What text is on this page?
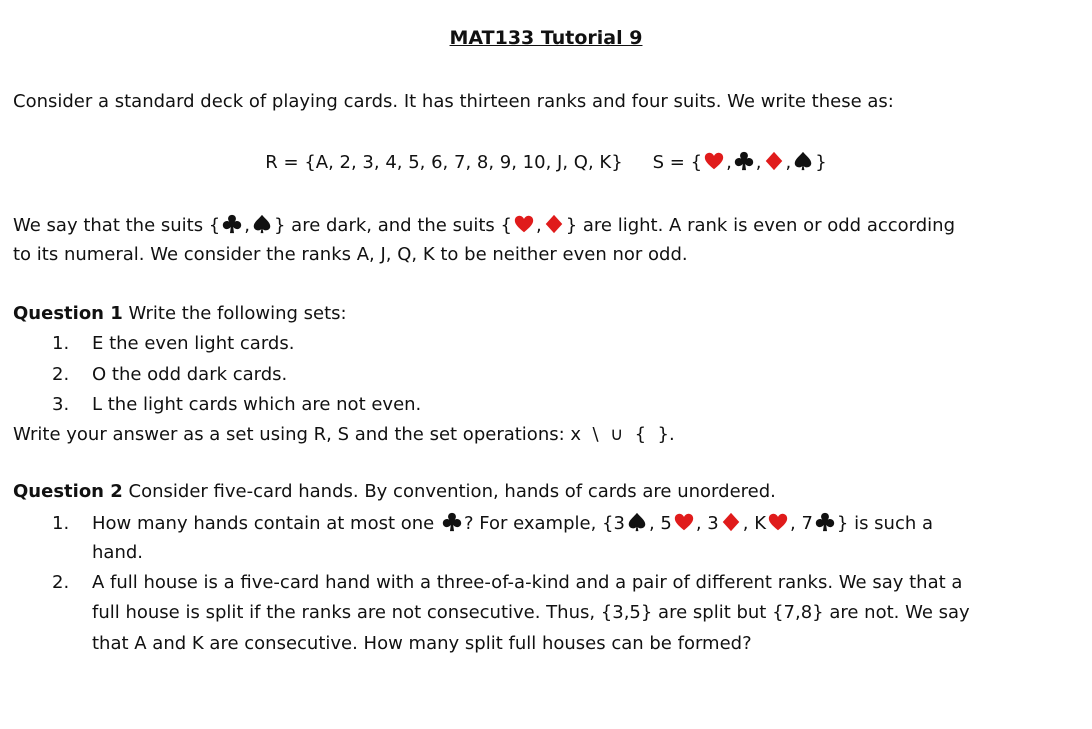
MAT133 Tutorial 9
Consider a standard deck of playing cards. It has thirteen ranks and four suits. We write these as:
R = {A, 2, 3, 4, 5, 6, 7, 8, 9, 10, J, Q, K} S = { , , , }
We say that the suits { , } are dark, and the suits { , } are light. A rank is even or odd according
to its numeral. We consider the ranks A, J, Q, K to be neither even nor odd.
Question 1 Write the following sets:
1. E the even light cards.
2. O the odd dark cards.
3. L the light cards which are not even.
Write your answer as a set using R, S and the set operations: x  \  ∪  {  }.
Question 2 Consider five-card hands. By convention, hands of cards are unordered.
1. How many hands contain at most one
? For example, {3 , 5 , 3 , K , 7 } is such a
hand.
2. A full house is a five-card hand with a three-of-a-kind and a pair of different ranks. We say that a
full house is split if the ranks are not consecutive. Thus, {3,5} are split but {7,8} are not. We say
that A and K are consecutive. How many split full houses can be formed?
